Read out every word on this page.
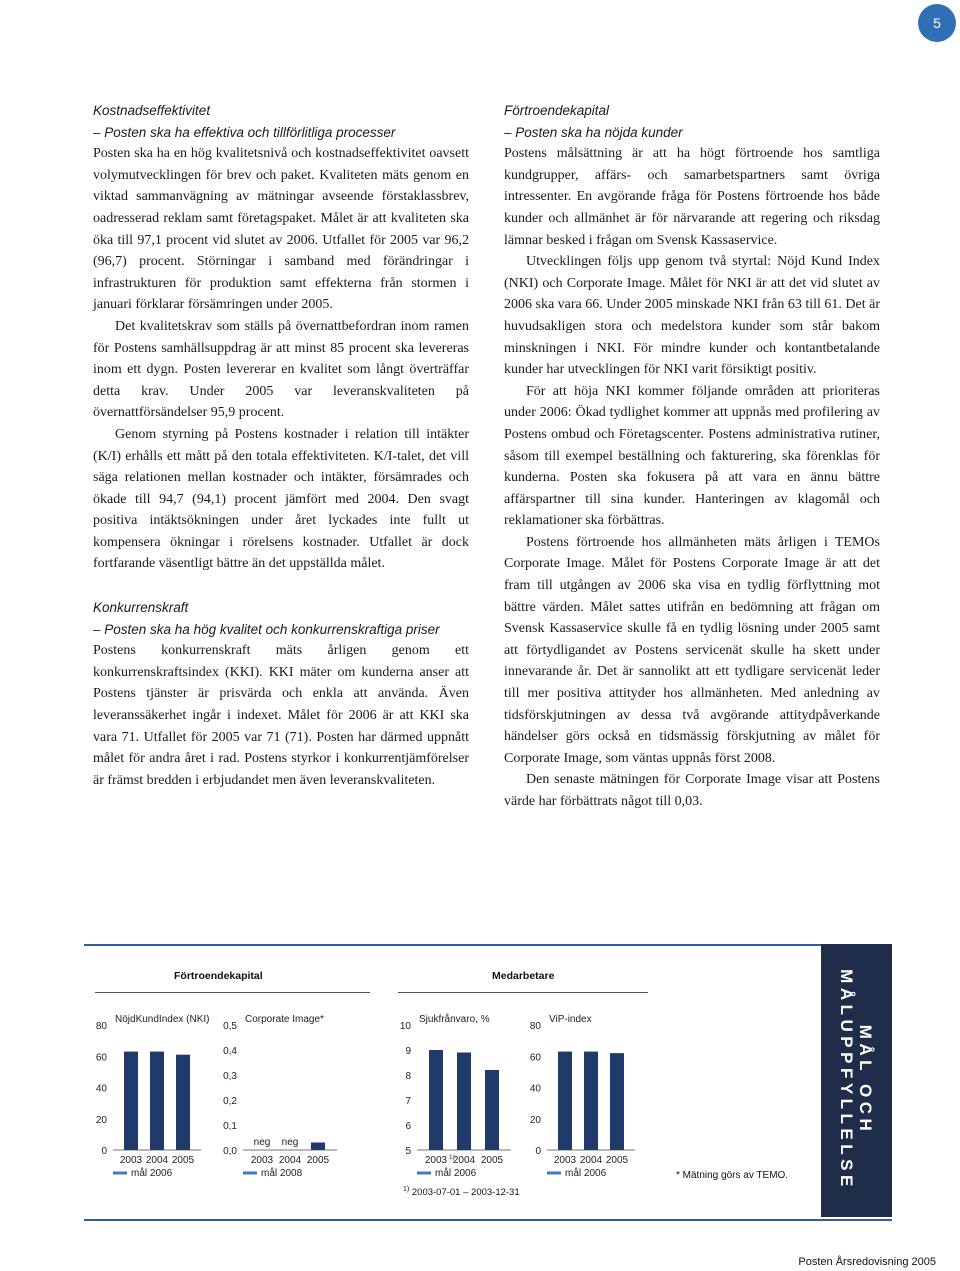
5
Kostnadseffektivitet
– Posten ska ha effektiva och tillförlitliga processer

Posten ska ha en hög kvalitetsnivå och kostnadseffektivitet oavsett volymutvecklingen för brev och paket. Kvaliteten mäts genom en viktad sammanvägning av mätningar avseende förstaklassbrev, oadresserad reklam samt företagspaket. Målet är att kvaliteten ska öka till 97,1 procent vid slutet av 2006. Utfallet för 2005 var 96,2 (96,7) procent. Störningar i samband med förändringar i infrastrukturen för produktion samt effekterna från stormen i januari förklarar försämringen under 2005.

Det kvalitetskrav som ställs på övernattbefordran inom ramen för Postens samhällsuppdrag är att minst 85 procent ska levereras inom ett dygn. Posten levererar en kvalitet som långt överträffar detta krav. Under 2005 var leveranskvaliteten på övernattförsändelser 95,9 procent.

Genom styrning på Postens kostnader i relation till intäkter (K/I) erhålls ett mått på den totala effektiviteten. K/I-talet, det vill säga relationen mellan kostnader och intäkter, försämrades och ökade till 94,7 (94,1) procent jämfört med 2004. Den svagt positiva intäktsökningen under året lyckades inte fullt ut kompensera ökningar i rörelsens kostnader. Utfallet är dock fortfarande väsentligt bättre än det uppställda målet.

Konkurrenskraft
– Posten ska ha hög kvalitet och konkurrenskraftiga priser

Postens konkurrenskraft mäts årligen genom ett konkurrenskraftsindex (KKI). KKI mäter om kunderna anser att Postens tjänster är prisvärda och enkla att använda. Även leveranssäkerhet ingår i indexet. Målet för 2006 är att KKI ska vara 71. Utfallet för 2005 var 71 (71). Posten har därmed uppnått målet för andra året i rad. Postens styrkor i konkurrentjämförelser är främst bredden i erbjudandet men även leveranskvaliteten.

Förtroendekapital
– Posten ska ha nöjda kunder

Postens målsättning är att ha högt förtroende hos samtliga kundgrupper, affärs- och samarbetspartners samt övriga intressenter. En avgörande fråga för Postens förtroende hos både kunder och allmänhet är för närvarande att regering och riksdag lämnar besked i frågan om Svensk Kassaservice.

Utvecklingen följs upp genom två styrtal: Nöjd Kund Index (NKI) och Corporate Image. Målet för NKI är att det vid slutet av 2006 ska vara 66. Under 2005 minskade NKI från 63 till 61. Det är huvudsakligen stora och medelstora kunder som står bakom minskningen i NKI. För mindre kunder och kontantbetalande kunder har utvecklingen för NKI varit försiktigt positiv.

För att höja NKI kommer följande områden att prioriteras under 2006: Ökad tydlighet kommer att uppnås med profilering av Postens ombud och Företagscenter. Postens administrativa rutiner, såsom till exempel beställning och fakturering, ska förenklas för kunderna. Posten ska fokusera på att vara en ännu bättre affärspartner till sina kunder. Hanteringen av klagomål och reklamationer ska förbättras.

Postens förtroende hos allmänheten mäts årligen i TEMOs Corporate Image. Målet för Postens Corporate Image är att det fram till utgången av 2006 ska visa en tydlig förflyttning mot bättre värden. Målet sattes utifrån en bedömning att frågan om Svensk Kassaservice skulle få en tydlig lösning under 2005 samt att förtydligandet av Postens servicenät skulle ha skett under innevarande år. Det är sannolikt att ett tydligare servicenät leder till mer positiva attityder hos allmänheten. Med anledning av tidsförskjutningen av dessa två avgörande attitydpåverkande händelser görs också en tidsmässig förskjutning av målet för Corporate Image, som väntas uppnås först 2008.

Den senaste mätningen för Corporate Image visar att Postens värde har förbättrats något till 0,03.

MÅL OCH
MÅLUPPFYLLELSE
Förtroendekapital	Medarbetare
0
20
40
60
80
NöjdKundIndex (NKI)
2003 2004 2005
mål 2006
0,0
0,1
0,2
0,3
0,4
0,5
Corporate Image*
neg
2003
neg
2004 2005
mål 2008
5
6
7
8
9
10
Sjukfrånvaro, %
2003 1)
2004 2005
mål 2006
0
20
40
60
80
ViP-index
2003 2004 2005
mål 2006	* Mätning görs av TEMO.
$^{1)}$ 2003-07-01 – 2003-12-31
Posten Årsredovisning 2005
